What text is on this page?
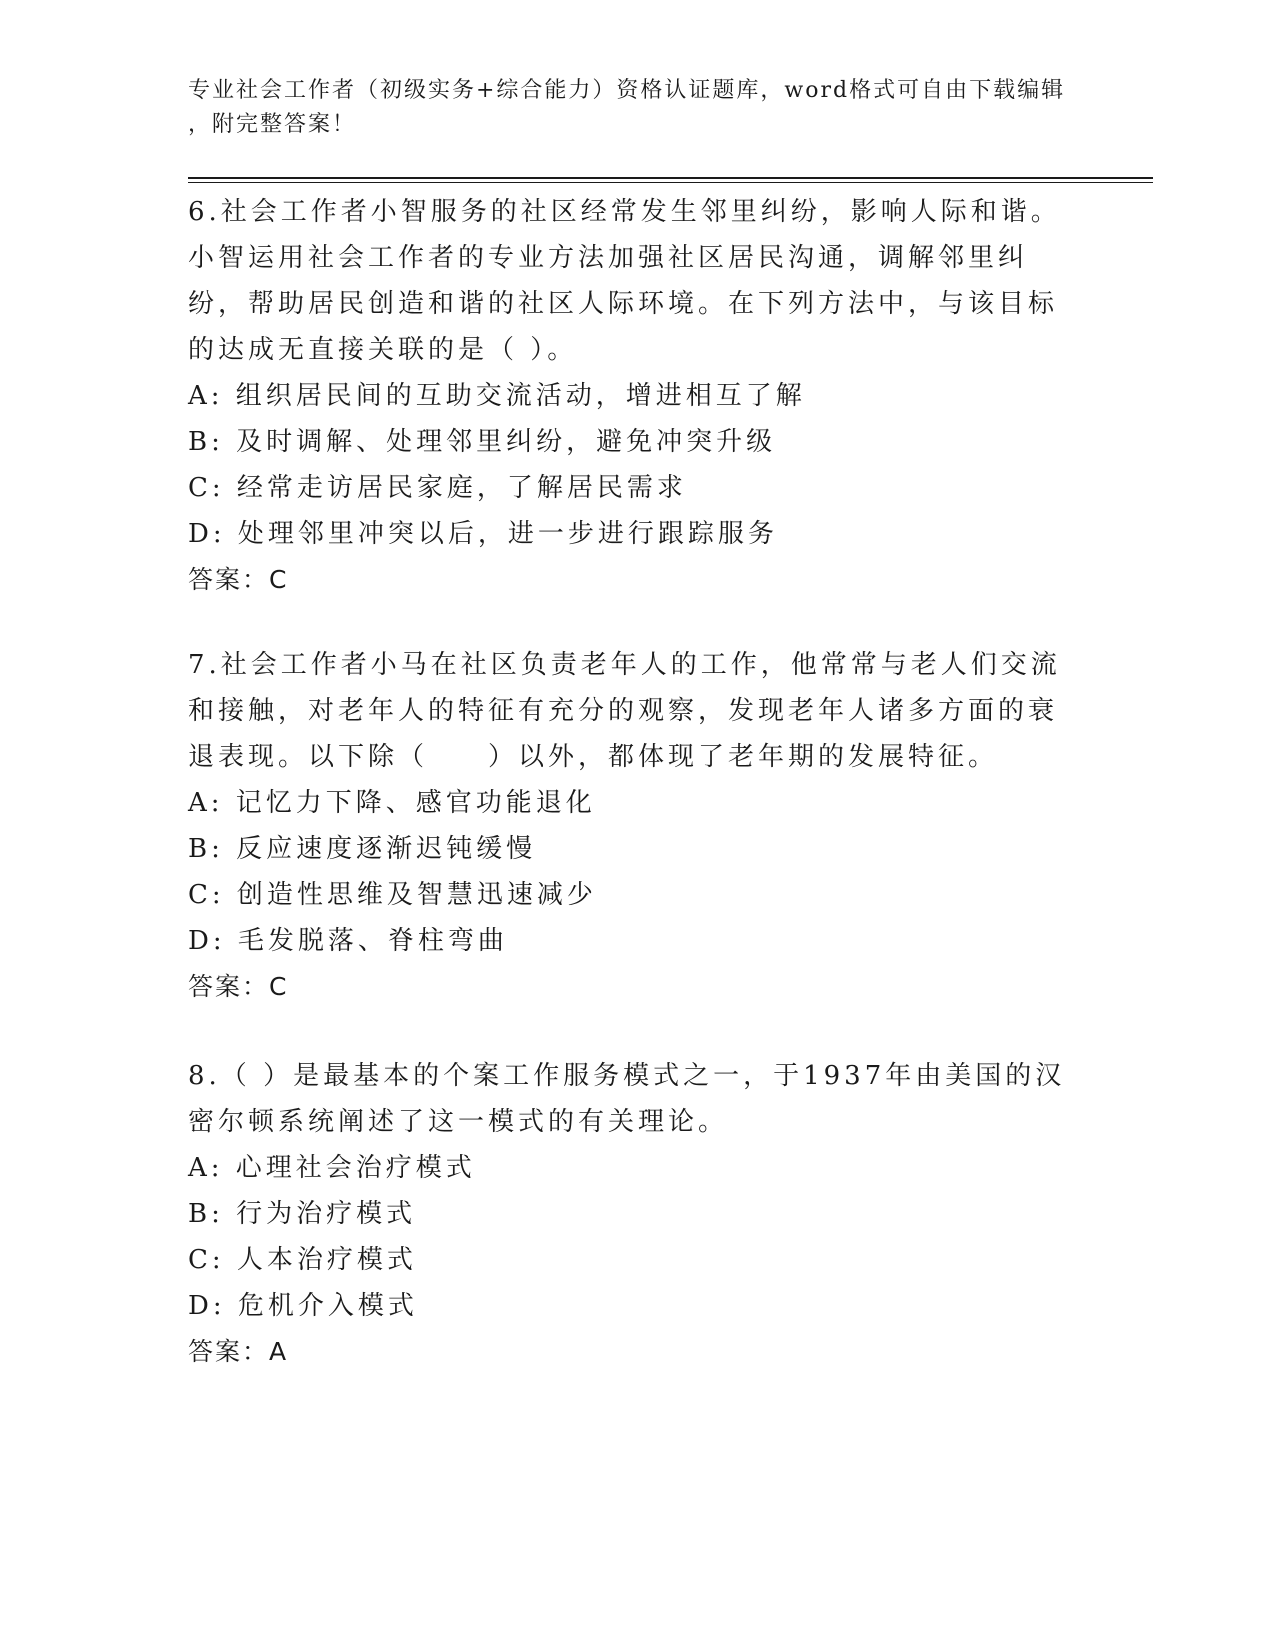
专业社会工作者（初级实务+综合能力）资格认证题库，word格式可自由下载编辑
，附完整答案！

6.社会工作者小智服务的社区经常发生邻里纠纷，影响人际和谐。小智运用社会工作者的专业方法加强社区居民沟通，调解邻里纠纷，帮助居民创造和谐的社区人际环境。在下列方法中，与该目标的达成无直接关联的是（ ）。

A: 组织居民间的互助交流活动，增进相互了解

B: 及时调解、处理邻里纠纷，避免冲突升级

C: 经常走访居民家庭，了解居民需求

D: 处理邻里冲突以后，进一步进行跟踪服务

答案：C

7.社会工作者小马在社区负责老年人的工作，他常常与老人们交流和接触，对老年人的特征有充分的观察，发现老年人诸多方面的衰退表现。以下除（　　）以外，都体现了老年期的发展特征。

A: 记忆力下降、感官功能退化

B: 反应速度逐渐迟钝缓慢

C: 创造性思维及智慧迅速减少

D: 毛发脱落、脊柱弯曲

答案：C

8.（ ）是最基本的个案工作服务模式之一，于1937年由美国的汉密尔顿系统阐述了这一模式的有关理论。

A: 心理社会治疗模式

B: 行为治疗模式

C: 人本治疗模式

D: 危机介入模式

答案：A
